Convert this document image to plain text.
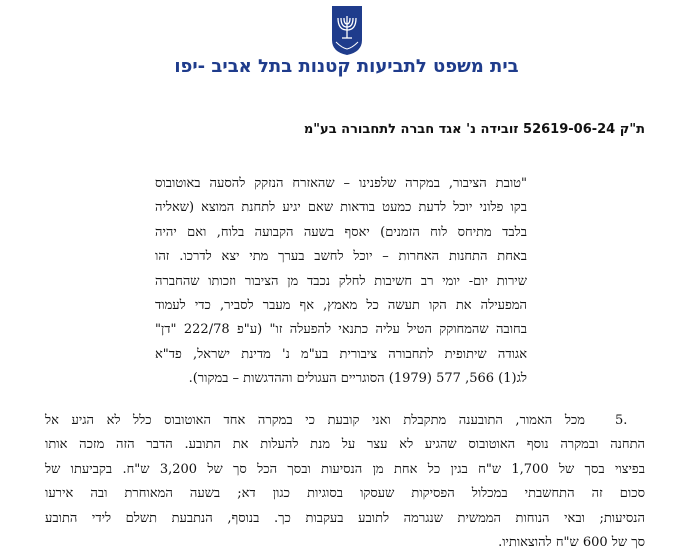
בית משפט לתביעות קטנות בתל אביב -יפו
ת"ק 52619-06-24 זובידה נ' אגד חברה לתחבורה בע"מ
"טובת הציבור, במקרה שלפנינו – שהאזרח הנזקק להסעה באוטובוס
בקו פלוני יוכל לדעת כמעט בודאות שאם יגיע לתחנת המוצא (שאליה
בלבד מתיחס לוח הזמנים) יאסף בשעה הקבועה בלוח, ואם יהיה
באחת התחנות האחרות – יוכל לחשב בערך מתי יצא לדרכו. זהו
שירות יום- יומי רב חשיבות לחלק נכבד מן הציבור וזכותו שהחברה
המפעילה את הקו תעשה כל מאמץ, אף מעבר לסביר, כדי לעמוד
בחובה שהמחוקק הטיל עליה כתנאי להפעלה זו" (ע"פ 222/78 "דן"
אגודה שיתופית לתחבורה ציבורית בע"מ נ' מדינת ישראל, פד"א
לג(1) 566, 577 (1979) הסוגריים העגולים וההדגשות – במקור).
5.
מכל האמור, התובענה מתקבלת ואני קובעת כי במקרה אחד האוטובוס כלל לא הגיע אל
התחנה ובמקרה נוסף האוטובוס שהגיע לא עצר על מנת להעלות את התובע. הדבר הזה מזכה אותו
בפיצוי בסך של 1,700 ש"ח בגין כל אחת מן הנסיעות ובסך הכל סך של 3,200 ש"ח. בקביעתו של
סכום זה התחשבתי במכלול הפסיקות שעסקו בסוגיות כגון דא; בשעה המאוחרת ובה אירעו
הנסיעות; ובאי הנוחות הממשית שנגרמה לתובע בעקבות כך. בנוסף, הנתבעת תשלם לידי התובע
סך של 600 ש"ח להוצאותיו.
